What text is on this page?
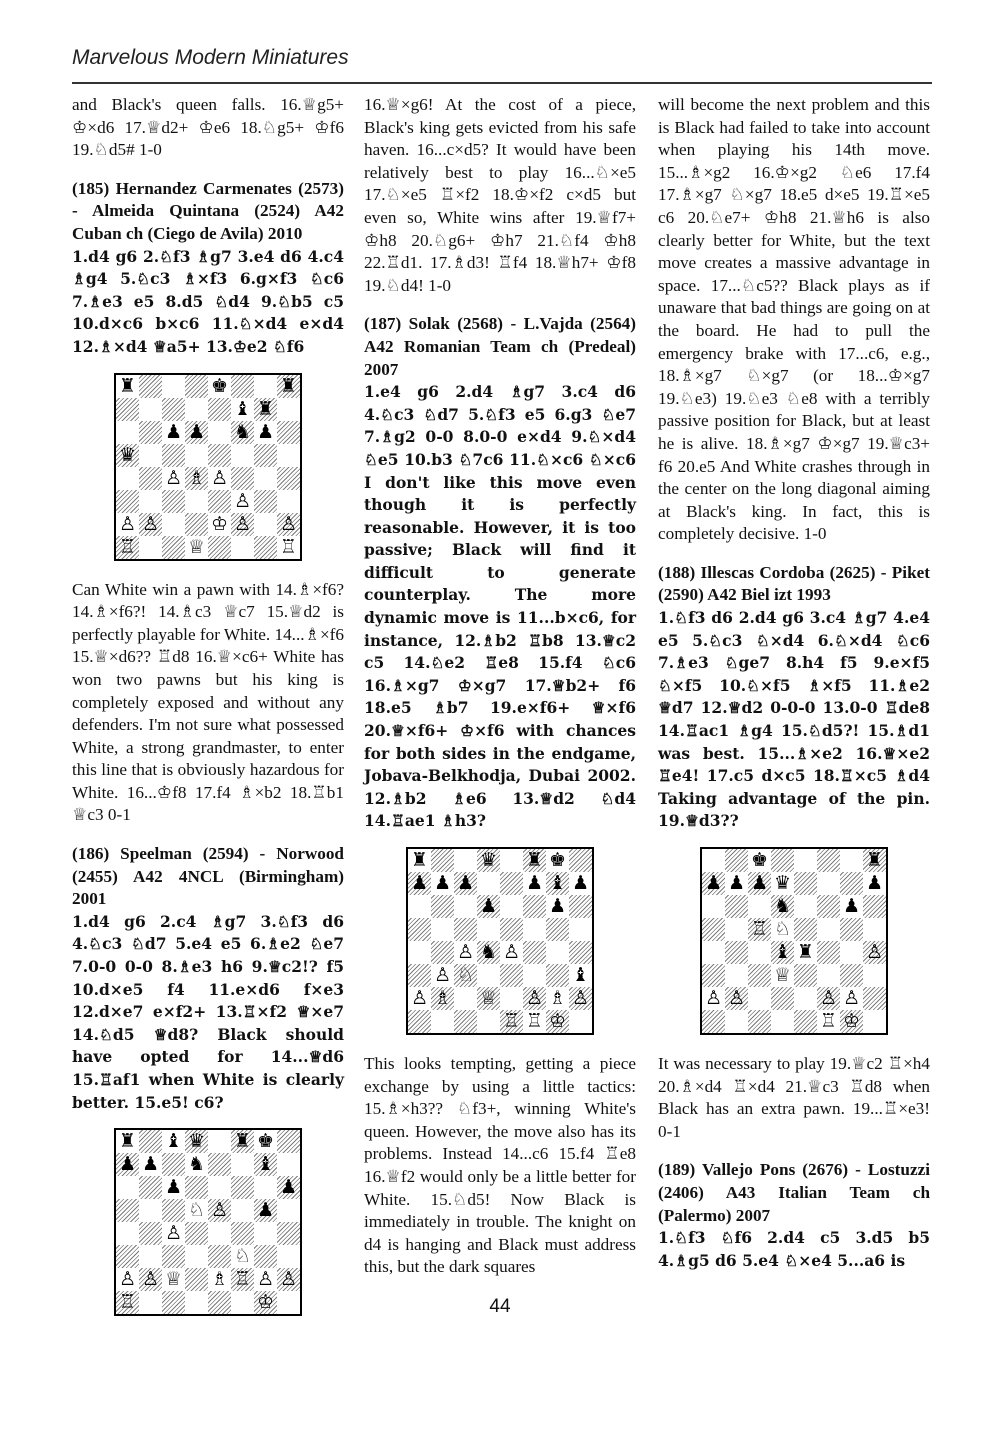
Marvelous Modern Miniatures

and Black's queen falls. 16.♕g5+ ♔×d6 17.♕d2+ ♔e6 18.♘g5+ ♔f6 19.♘d5# 1-0

(185) Hernandez Carmenates (2573) - Almeida Quintana (2524) A42 Cuban ch (Ciego de Avila) 2010

1.d4 g6 2.♘f3 ♗g7 3.e4 d6 4.c4 ♗g4 5.♘c3 ♗×f3 6.g×f3 ♘c6 7.♗e3 e5 8.d5 ♘d4 9.♘b5 c5 10.d×c6 b×c6 11.♘×d4 e×d4 12.♗×d4 ♕a5+ 13.♔e2 ♘f6

♜	♚	♜
♝ ♜
♟ ♟ ♞ ♟
♛
♙ ♗ ♙
♙
♙ ♙	♔ ♙ ♙
♖	♕	♖

Can White win a pawn with 14.♗×f6? 14.♗×f6?! 14.♗c3 ♕c7 15.♕d2 is perfectly playable for White. 14...♗×f6 15.♕×d6?? ♖d8 16.♕×c6+ White has won two pawns but his king is completely exposed and without any defenders. I'm not sure what possessed White, a strong grandmaster, to enter this line that is obviously hazardous for White. 16...♔f8 17.f4 ♗×b2 18.♖b1 ♕c3 0-1

(186) Speelman (2594) - Norwood (2455) A42 4NCL (Birmingham) 2001

1.d4 g6 2.c4 ♗g7 3.♘f3 d6 4.♘c3 ♘d7 5.e4 e5 6.♗e2 ♘e7 7.0-0 0-0 8.♗e3 h6 9.♕c2!? f5 10.d×e5 f4 11.e×d6 f×e3 12.d×e7 e×f2+ 13.♖×f2 ♕×e7 14.♘d5 ♕d8? Black should have opted for 14...♕d6 15.♖af1 when White is clearly better. 15.e5! c6?

♜ ♝ ♛ ♜ ♚
♟ ♟ ♞	♝
♟	♟
♘ ♙ ♟
♙
♘
♙ ♙ ♕ ♗ ♖ ♙ ♙
♖	♔

16.♕×g6! At the cost of a piece, Black's king gets evicted from his safe haven. 16...c×d5? It would have been relatively best to play 16...♘×e5 17.♘×e5 ♖×f2 18.♔×f2 c×d5 but even so, White wins after 19.♕f7+ ♔h8 20.♘g6+ ♔h7 21.♘f4 ♔h8 22.♖d1. 17.♗d3! ♖f4 18.♕h7+ ♔f8 19.♘d4! 1-0

(187) Solak (2568) - L.Vajda (2564) A42 Romanian Team ch (Predeal) 2007

1.e4 g6 2.d4 ♗g7 3.c4 d6 4.♘c3 ♘d7 5.♘f3 e5 6.g3 ♘e7 7.♗g2 0-0 8.0-0 e×d4 9.♘×d4 ♘e5 10.b3 ♘7c6 11.♘×c6 ♘×c6 I don't like this move even though it is perfectly reasonable. However, it is too passive; Black will find it difficult to generate counterplay. The more dynamic move is 11...b×c6, for instance, 12.♗b2 ♖b8 13.♕c2 c5 14.♘e2 ♖e8 15.f4 ♘c6 16.♗×g7 ♔×g7 17.♕b2+ f6 18.e5 ♗b7 19.e×f6+ ♕×f6 20.♕×f6+ ♔×f6 with chances for both sides in the endgame, Jobava-Belkhodja, Dubai 2002. 12.♗b2 ♗e6 13.♕d2 ♘d4 14.♖ae1 ♗h3?

♜	♛ ♜ ♚
♟ ♟ ♟	♟ ♝ ♟
♟	♟
♙ ♞ ♙
♙ ♘	♝
♙ ♗ ♕ ♙ ♗ ♙
♖ ♖ ♔

This looks tempting, getting a piece exchange by using a little tactics: 15.♗×h3?? ♘f3+, winning White's queen. However, the move also has its problems. Instead 14...c6 15.f4 ♖e8 16.♕f2 would only be a little better for White. 15.♘d5! Now Black is immediately in trouble. The knight on d4 is hanging and Black must address this, but the dark squares

will become the next problem and this is Black had failed to take into account when playing his 14th move. 15...♗×g2 16.♔×g2 ♘e6 17.f4 17.♗×g7 ♘×g7 18.e5 d×e5 19.♖×e5 c6 20.♘e7+ ♔h8 21.♕h6 is also clearly better for White, but the text move creates a massive advantage in space. 17...♘c5?? Black plays as if unaware that bad things are going on at the board. He had to pull the emergency brake with 17...c6, e.g., 18.♗×g7 ♘×g7 (or 18...♔×g7 19.♘e3) 19.♘e3 ♘e8 with a terribly passive position for Black, but at least he is alive. 18.♗×g7 ♔×g7 19.♕c3+ f6 20.e5 And White crashes through in the center on the long diagonal aiming at Black's king. In fact, this is completely decisive. 1-0

(188) Illescas Cordoba (2625) - Piket (2590) A42 Biel izt 1993

1.♘f3 d6 2.d4 g6 3.c4 ♗g7 4.e4 e5 5.♘c3 ♘×d4 6.♘×d4 ♘c6 7.♗e3 ♘ge7 8.h4 f5 9.e×f5 ♘×f5 10.♘×f5 ♗×f5 11.♗e2 ♕d7 12.♕d2 0-0-0 13.0-0 ♖de8 14.♖ac1 ♗g4 15.♘d5?! 15.♗d1 was best. 15...♗×e2 16.♕×e2 ♖e4! 17.c5 d×c5 18.♖×c5 ♗d4 Taking advantage of the pin. 19.♕d3??

♚	♜
♟ ♟ ♟ ♛	♟
♞	♟
♖ ♘
♝ ♜	♙
♕
♙ ♙	♙ ♙
♖ ♔

It was necessary to play 19.♕c2 ♖×h4 20.♗×d4 ♖×d4 21.♕c3 ♖d8 when Black has an extra pawn. 19...♖×e3! 0-1

(189) Vallejo Pons (2676) - Lostuzzi (2406) A43 Italian Team ch (Palermo) 2007

1.♘f3 ♘f6 2.d4 c5 3.d5 b5 4.♗g5 d6 5.e4 ♘×e4 5...a6 is

44
